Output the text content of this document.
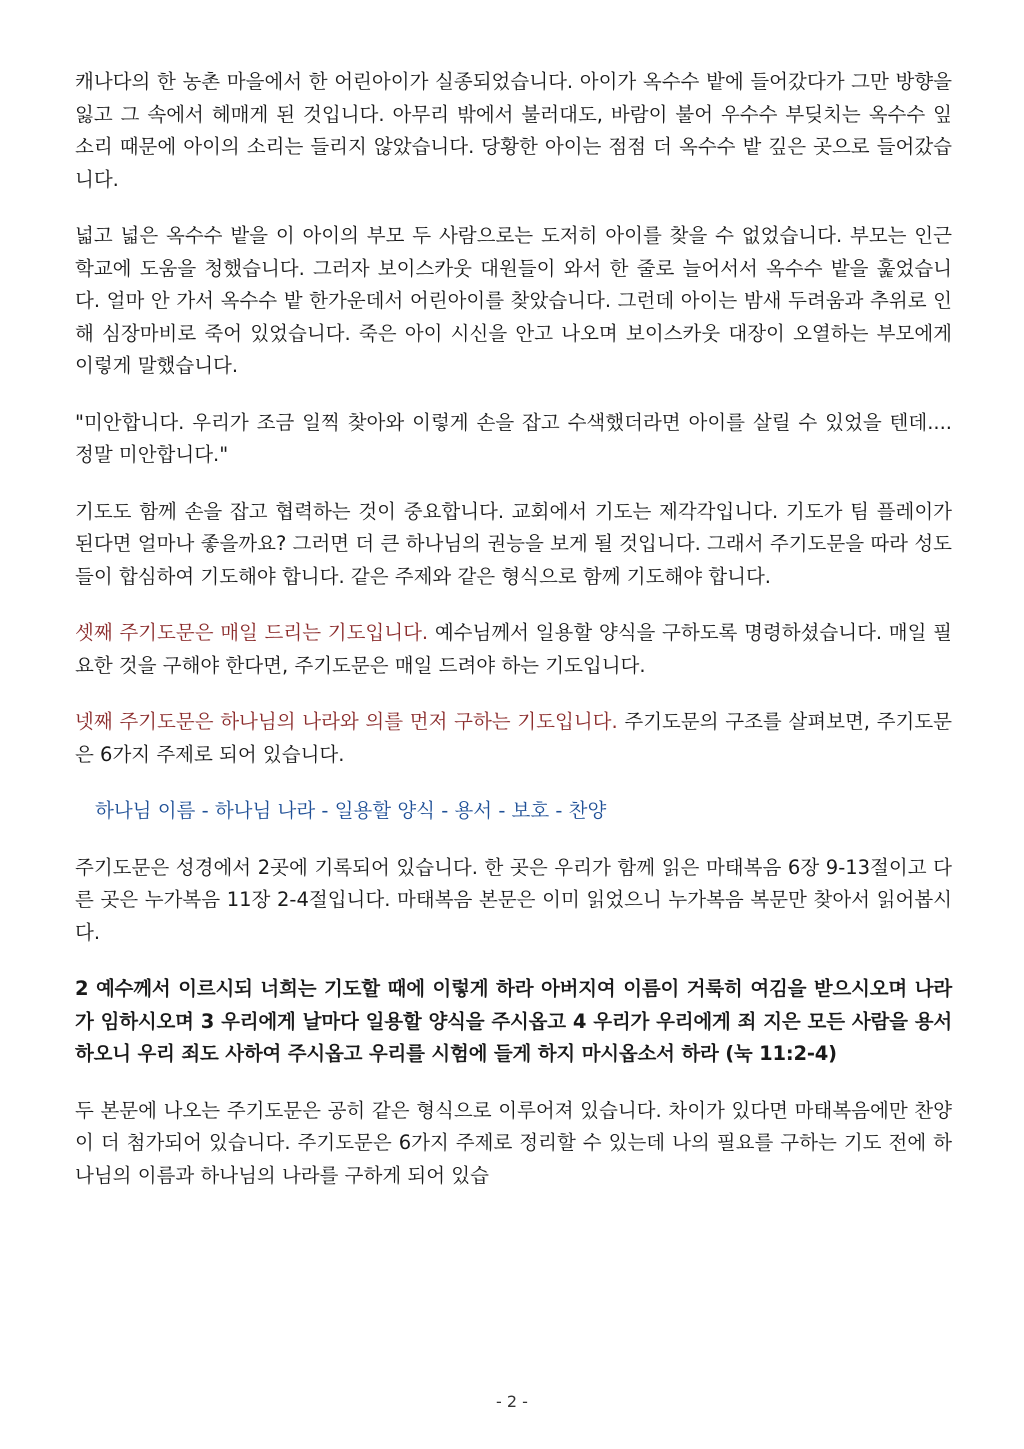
캐나다의 한 농촌 마을에서 한 어린아이가 실종되었습니다. 아이가 옥수수 밭에 들어갔다가 그만 방향을 잃고 그 속에서 헤매게 된 것입니다. 아무리 밖에서 불러대도, 바람이 불어 우수수 부딪치는 옥수수 잎 소리 때문에 아이의 소리는 들리지 않았습니다. 당황한 아이는 점점 더 옥수수 밭 깊은 곳으로 들어갔습니다.

넓고 넓은 옥수수 밭을 이 아이의 부모 두 사람으로는 도저히 아이를 찾을 수 없었습니다. 부모는 인근 학교에 도움을 청했습니다. 그러자 보이스카웃 대원들이 와서 한 줄로 늘어서서 옥수수 밭을 훑었습니다. 얼마 안 가서 옥수수 밭 한가운데서 어린아이를 찾았습니다. 그런데 아이는 밤새 두려움과 추위로 인해 심장마비로 죽어 있었습니다. 죽은 아이 시신을 안고 나오며 보이스카웃 대장이 오열하는 부모에게 이렇게 말했습니다.

"미안합니다. 우리가 조금 일찍 찾아와 이렇게 손을 잡고 수색했더라면 아이를 살릴 수 있었을 텐데.... 정말 미안합니다."

기도도 함께 손을 잡고 협력하는 것이 중요합니다. 교회에서 기도는 제각각입니다. 기도가 팀 플레이가 된다면 얼마나 좋을까요? 그러면 더 큰 하나님의 권능을 보게 될 것입니다. 그래서 주기도문을 따라 성도들이 합심하여 기도해야 합니다. 같은 주제와 같은 형식으로 함께 기도해야 합니다.

셋째 주기도문은 매일 드리는 기도입니다. 예수님께서 일용할 양식을 구하도록 명령하셨습니다. 매일 필요한 것을 구해야 한다면, 주기도문은 매일 드려야 하는 기도입니다.

넷째 주기도문은 하나님의 나라와 의를 먼저 구하는 기도입니다. 주기도문의 구조를 살펴보면, 주기도문은 6가지 주제로 되어 있습니다.

하나님 이름 - 하나님 나라 - 일용할 양식 - 용서 - 보호 - 찬양

주기도문은 성경에서 2곳에 기록되어 있습니다. 한 곳은 우리가 함께 읽은 마태복음 6장 9-13절이고 다른 곳은 누가복음 11장 2-4절입니다. 마태복음 본문은 이미 읽었으니 누가복음 복문만 찾아서 읽어봅시다.

2 예수께서 이르시되 너희는 기도할 때에 이렇게 하라 아버지여 이름이 거룩히 여김을 받으시오며 나라가 임하시오며 3 우리에게 날마다 일용할 양식을 주시옵고 4 우리가 우리에게 죄 지은 모든 사람을 용서하오니 우리 죄도 사하여 주시옵고 우리를 시험에 들게 하지 마시옵소서 하라 (눅 11:2-4)

두 본문에 나오는 주기도문은 공히 같은 형식으로 이루어져 있습니다. 차이가 있다면 마태복음에만 찬양이 더 첨가되어 있습니다. 주기도문은 6가지 주제로 정리할 수 있는데 나의 필요를 구하는 기도 전에 하나님의 이름과 하나님의 나라를 구하게 되어 있습

- 2 -
